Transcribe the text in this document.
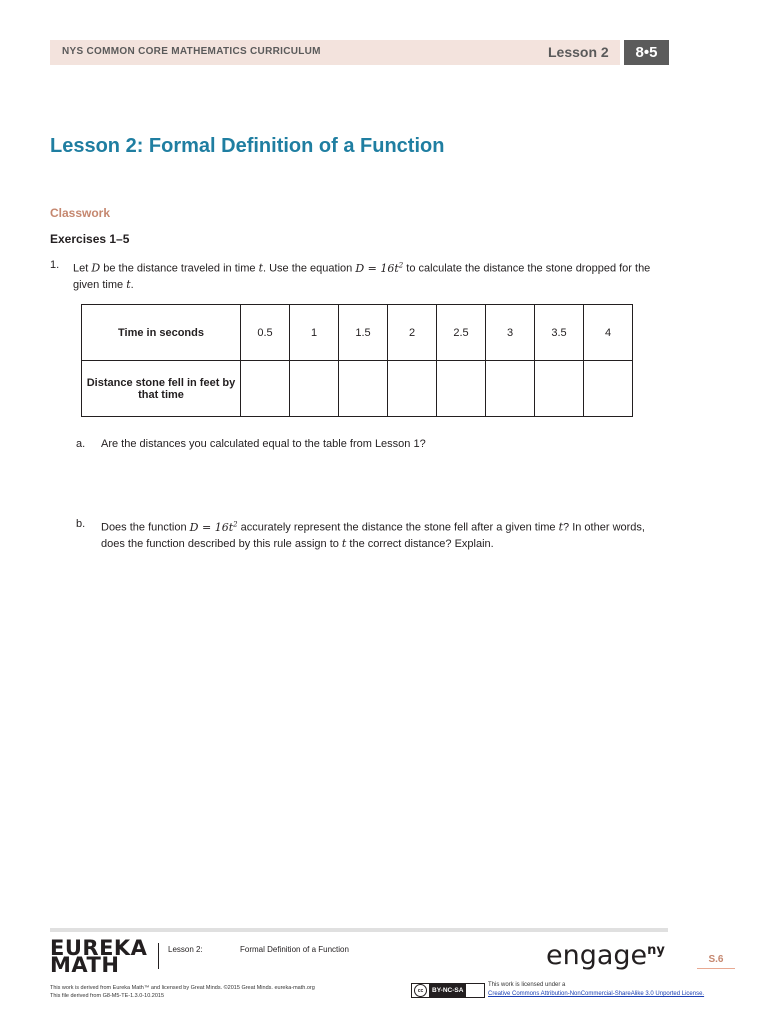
NYS COMMON CORE MATHEMATICS CURRICULUM	Lesson 2	8•5
Lesson 2: Formal Definition of a Function
Classwork
Exercises 1–5
1. Let D be the distance traveled in time t. Use the equation $D = 16t^2$ to calculate the distance the stone dropped for the given time t.
Time in seconds	0.5	1	1.5	2	2.5	3	3.5	4
Distance stone fell in feet by that time								
a. Are the distances you calculated equal to the table from Lesson 1?
b. Does the function $D = 16t^2$ accurately represent the distance the stone fell after a given time t? In other words, does the function described by this rule assign to t the correct distance? Explain.
EUREKA
MATH
Lesson 2:	Formal Definition of a Function	engage$^{ny}$
S.6
This work is derived from Eureka Math™ and licensed by Great Minds. ©2015 Great Minds. eureka-math.org
This file derived from G8-M5-TE-1.3.0-10.2015
cc	BY-NC-SA
This work is licensed under a
Creative Commons Attribution-NonCommercial-ShareAlike 3.0 Unported License.
